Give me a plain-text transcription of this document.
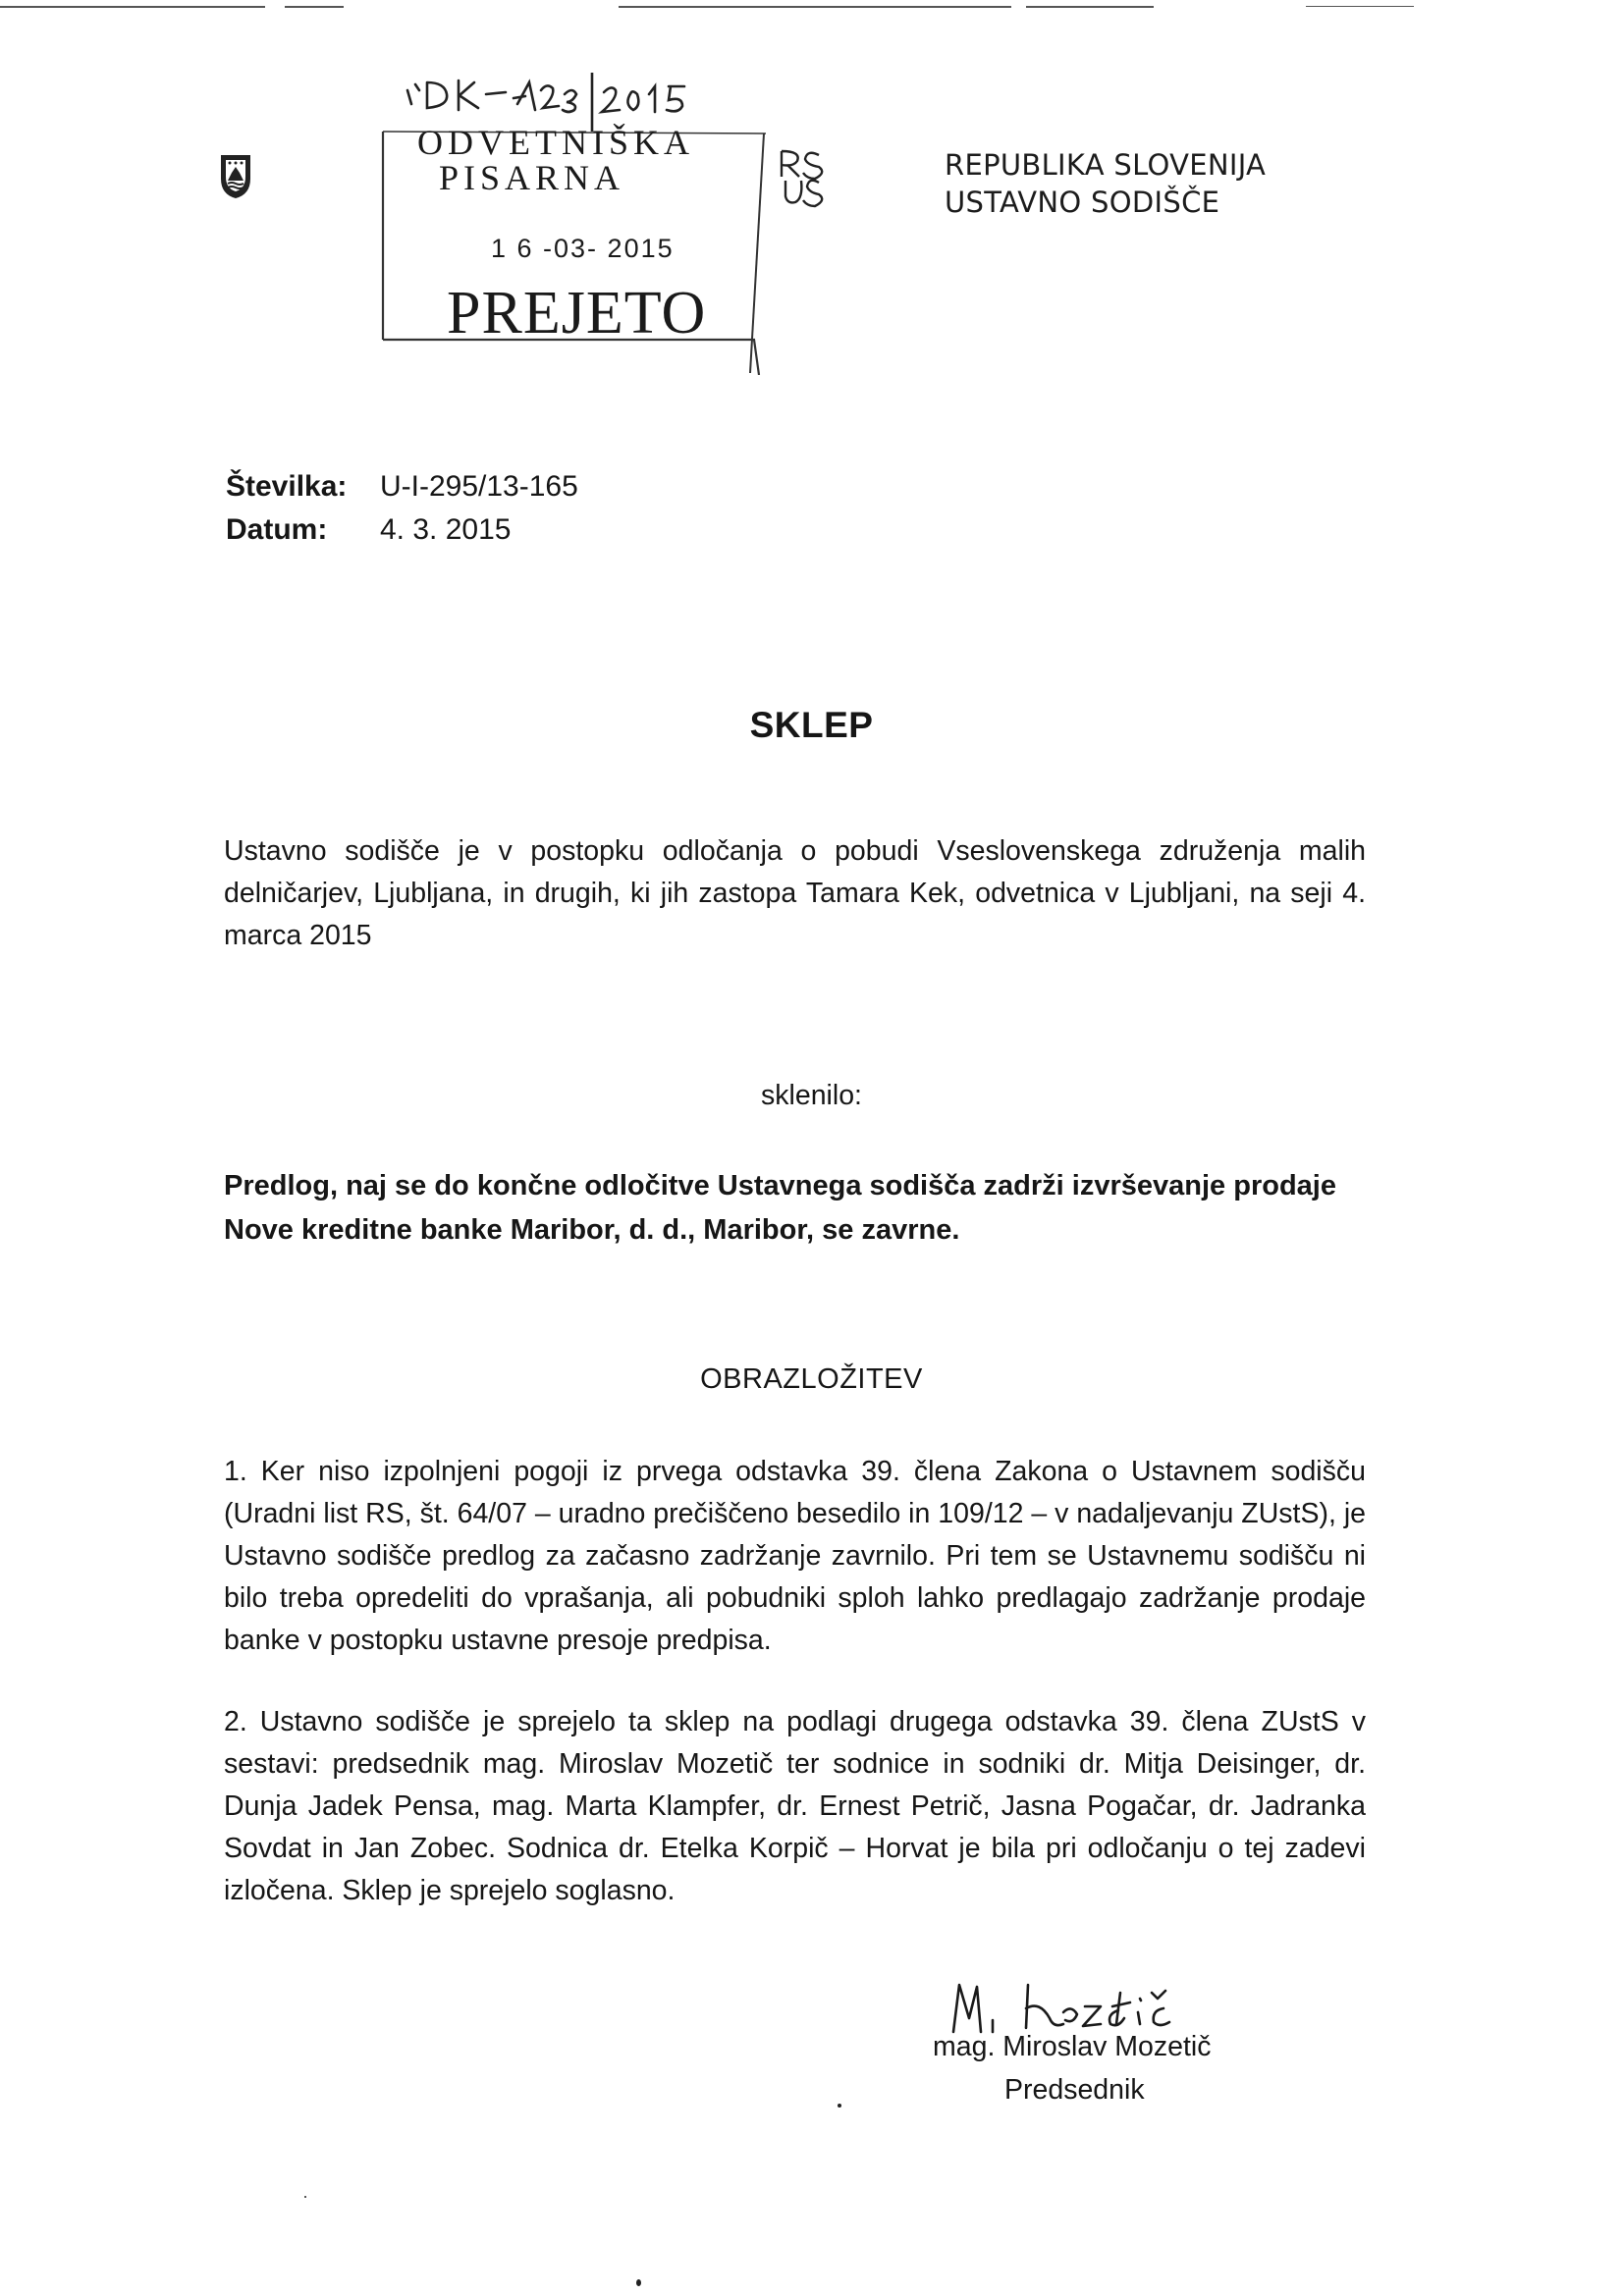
ODVETNIŠKA
PISARNA
1 6 -03- 2015
PREJETO
REPUBLIKA SLOVENIJA
USTAVNO SODIŠČE
Številka: U-I-295/13-165
Datum: 4. 3. 2015
SKLEP
Ustavno sodišče je v postopku odločanja o pobudi Vseslovenskega združenja malih delničarjev, Ljubljana, in drugih, ki jih zastopa Tamara Kek, odvetnica v Ljubljani, na seji 4. marca 2015
sklenilo:
Predlog, naj se do končne odločitve Ustavnega sodišča zadrži izvrševanje prodaje Nove kreditne banke Maribor, d. d., Maribor, se zavrne.
OBRAZLOŽITEV
1. Ker niso izpolnjeni pogoji iz prvega odstavka 39. člena Zakona o Ustavnem sodišču (Uradni list RS, št. 64/07 – uradno prečiščeno besedilo in 109/12 – v nadaljevanju ZUstS), je Ustavno sodišče predlog za začasno zadržanje zavrnilo. Pri tem se Ustavnemu sodišču ni bilo treba opredeliti do vprašanja, ali pobudniki sploh lahko predlagajo zadržanje prodaje banke v postopku ustavne presoje predpisa.
2. Ustavno sodišče je sprejelo ta sklep na podlagi drugega odstavka 39. člena ZUstS v sestavi: predsednik mag. Miroslav Mozetič ter sodnice in sodniki dr. Mitja Deisinger, dr. Dunja Jadek Pensa, mag. Marta Klampfer, dr. Ernest Petrič, Jasna Pogačar, dr. Jadranka Sovdat in Jan Zobec. Sodnica dr. Etelka Korpič – Horvat je bila pri odločanju o tej zadevi izločena. Sklep je sprejelo soglasno.
mag. Miroslav Mozetič
Predsednik
